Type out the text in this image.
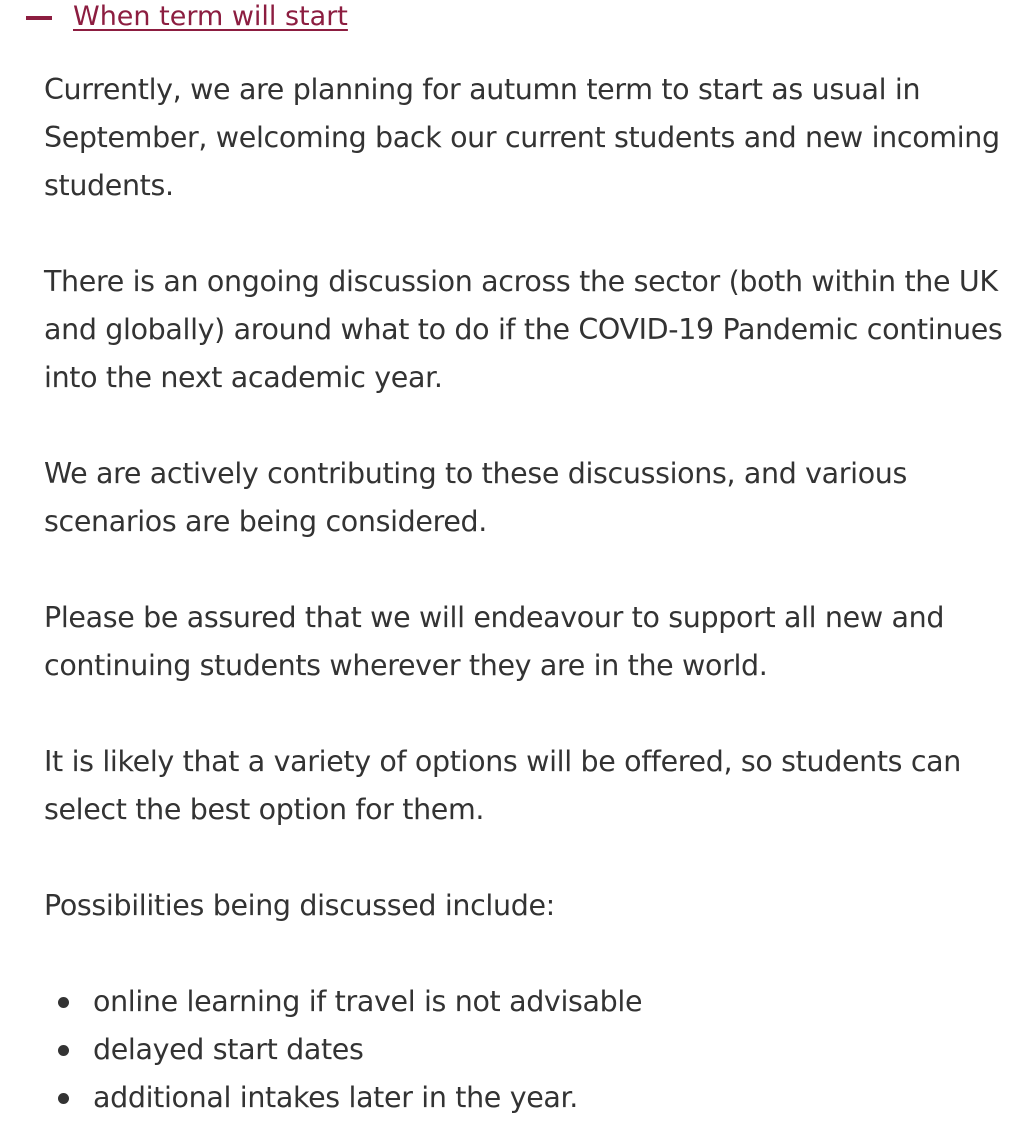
When term will start

Currently, we are planning for autumn term to start as usual in September, welcoming back our current students and new incoming students.

There is an ongoing discussion across the sector (both within the UK and globally) around what to do if the COVID-19 Pandemic continues into the next academic year.

We are actively contributing to these discussions, and various scenarios are being considered.

Please be assured that we will endeavour to support all new and continuing students wherever they are in the world.

It is likely that a variety of options will be offered, so students can select the best option for them.

Possibilities being discussed include:

online learning if travel is not advisable
delayed start dates
additional intakes later in the year.
